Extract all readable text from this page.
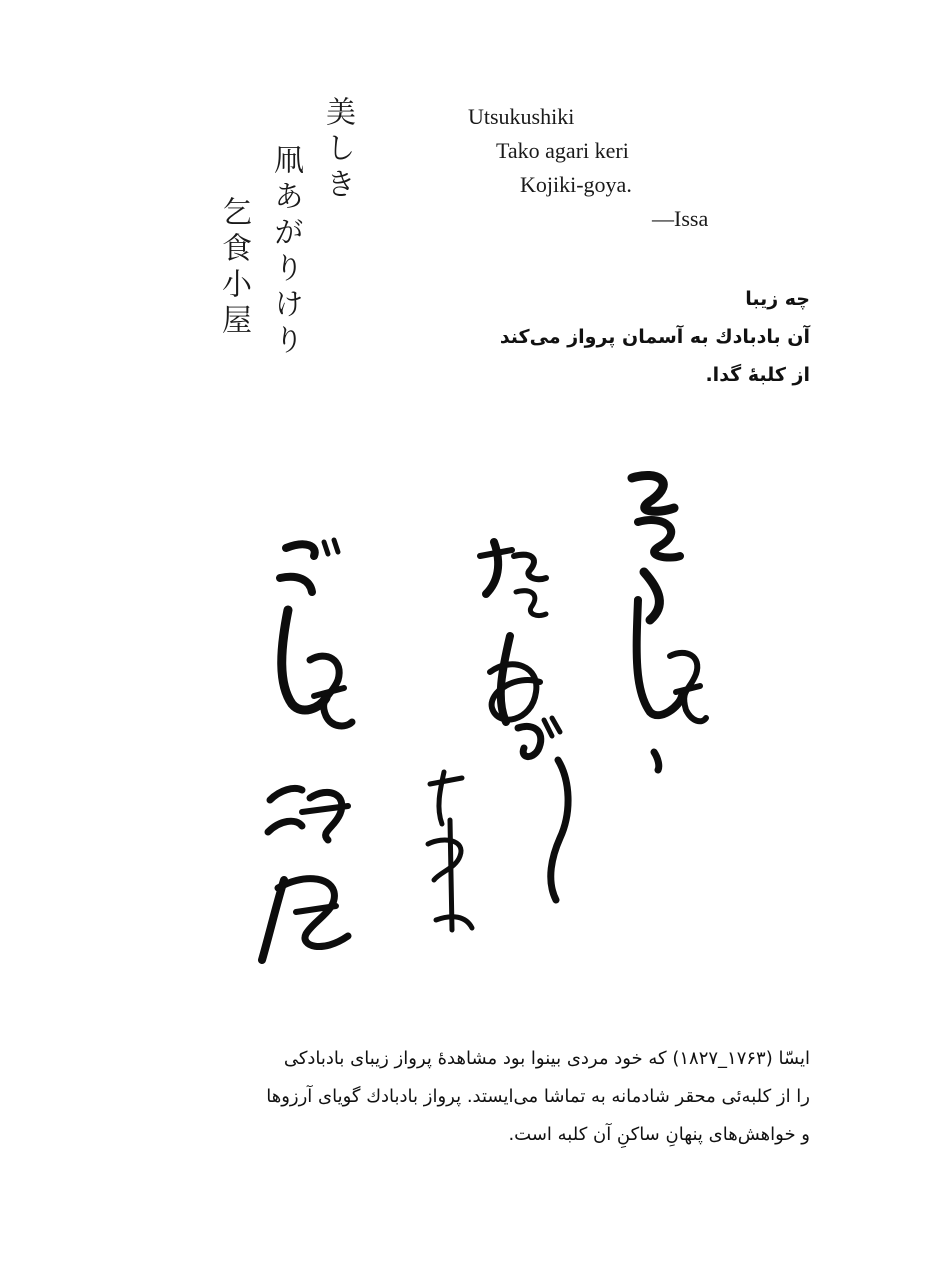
美しき
凧あがりけり
乞食小屋
Utsukushiki
Tako agari keri
Kojiki-goya.
—Issa
چه زیبا
آن بادبادك به آسمان پرواز می‌کند
از کلبهٔ گدا.
ایسّا (۱۷۶۳_۱۸۲۷) که خود مردی بینوا بود مشاهدهٔ پرواز زیبای بادبادکی
را از کلبه‌ئی محقر شادمانه به تماشا می‌ایستد. پرواز بادبادك گویای آرزوها
و خواهش‌های پنهانِ ساکنِ آن کلبه است.
